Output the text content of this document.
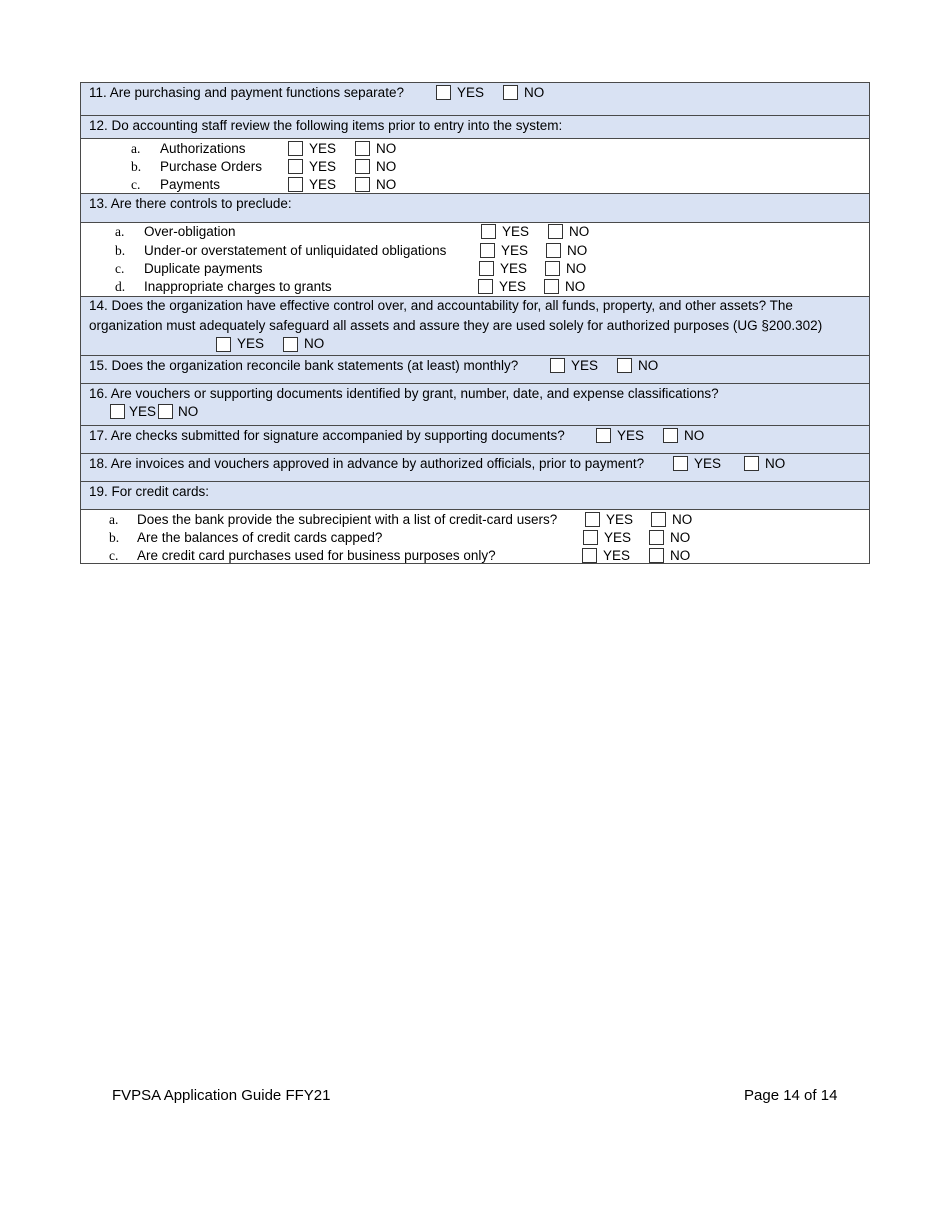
11. Are purchasing and payment functions separate?	YES	NO
12. Do accounting staff review the following items prior to entry into the system:
a. Authorizations	YES	NO
b. Purchase Orders	YES	NO
c. Payments	YES	NO
13. Are there controls to preclude:
a. Over-obligation	YES	NO
b. Under-or overstatement of unliquidated obligations	YES	NO
c. Duplicate payments	YES	NO
d. Inappropriate charges to grants	YES	NO
14. Does the organization have effective control over, and accountability for, all funds, property, and other assets? The
organization must adequately safeguard all assets and assure they are used solely for authorized purposes (UG §200.302)
YES	NO
15. Does the organization reconcile bank statements (at least) monthly?	YES	NO
16. Are vouchers or supporting documents identified by grant, number, date, and expense classifications?
YES NO
17. Are checks submitted for signature accompanied by supporting documents?	YES	NO
18. Are invoices and vouchers approved in advance by authorized officials, prior to payment?	YES	NO
19. For credit cards:
a. Does the bank provide the subrecipient with a list of credit-card users?	YES	NO
b. Are the balances of credit cards capped?	YES	NO
c. Are credit card purchases used for business purposes only?	YES	NO
FVPSA Application Guide FFY21	Page 14 of 14
